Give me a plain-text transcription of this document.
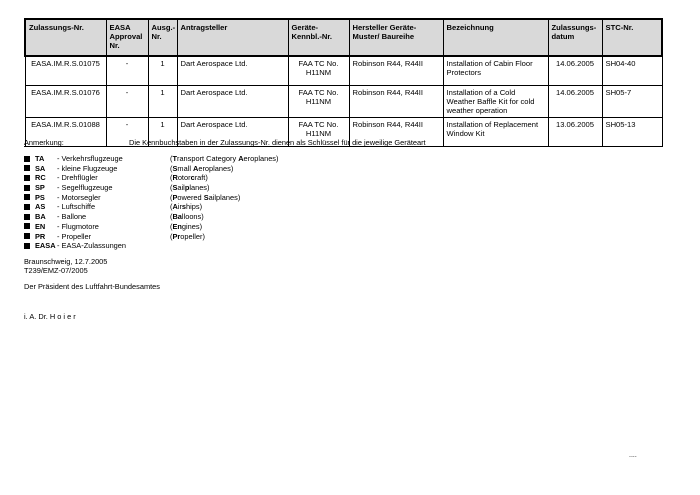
Zulassungs-Nr.	EASA Approval Nr.	Ausg.-Nr.	Antragsteller	Geräte-Kennbl.-Nr.	Hersteller Geräte-Muster/ Baureihe	Bezeichnung	Zulassungs-datum	STC-Nr.
EASA.IM.R.S.01075	-	1	Dart Aerospace Ltd.	FAA TC No. H11NM	Robinson R44, R44II	Installation of Cabin Floor Protectors	14.06.2005	SH04-40
EASA.IM.R.S.01076	-	1	Dart Aerospace Ltd.	FAA TC No. H11NM	Robinson R44, R44II	Installation of a Cold Weather Baffle Kit for cold weather operation	14.06.2005	SH05-7
EASA.IM.R.S.01088	-	1	Dart Aerospace Ltd.	FAA TC No. H11NM	Robinson R44, R44II	Installation of Replacement Window Kit	13.06.2005	SH05-13
Anmerkung:	Die Kennbuchstaben in der Zulassungs-Nr. dienen als Schlüssel für die jeweilige Geräteart
TA	- Verkehrsflugzeuge	(Transport Category Aeroplanes)
SA	- kleine Flugzeuge	(Small Aeroplanes)
RC	- Drehflügler	(Rotorcraft)
SP	- Segelflugzeuge	(Sailplanes)
PS	- Motorsegler	(Powered Sailplanes)
AS	- Luftschiffe	(Airships)
BA	- Ballone	(Balloons)
EN	- Flugmotore	(Engines)
PR	- Propeller	(Propeller)
EASA - EASA-Zulassungen
Braunschweig, 12.7.2005
T239/EMZ-07/2005
Der Präsident des Luftfahrt-Bundesamtes
i. A. Dr. H o i e r
....
